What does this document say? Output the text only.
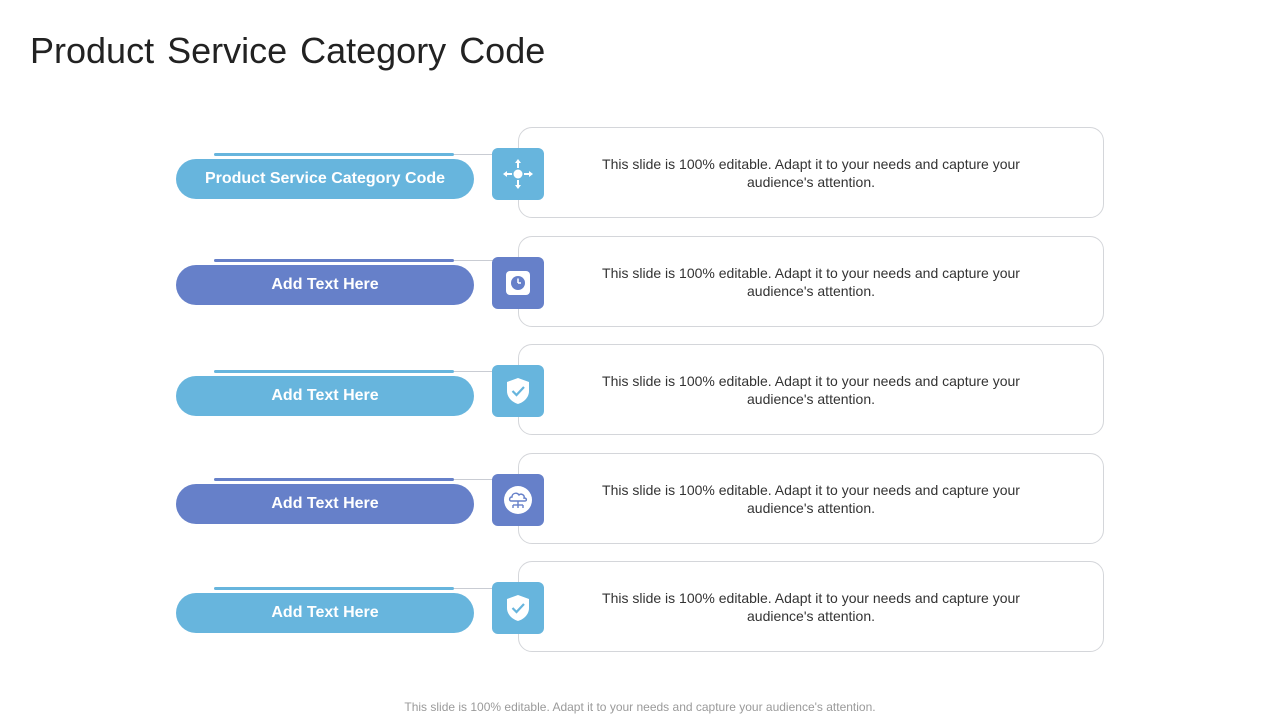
Product Service Category Code
Product Service Category Code
This slide is 100% editable. Adapt it to your needs and capture your audience's attention.
Add Text Here
This slide is 100% editable. Adapt it to your needs and capture your audience's attention.
Add Text Here
This slide is 100% editable. Adapt it to your needs and capture your audience's attention.
Add Text Here
This slide is 100% editable. Adapt it to your needs and capture your audience's attention.
Add Text Here
This slide is 100% editable. Adapt it to your needs and capture your audience's attention.
This slide is 100% editable. Adapt it to your needs and capture your audience's attention.
